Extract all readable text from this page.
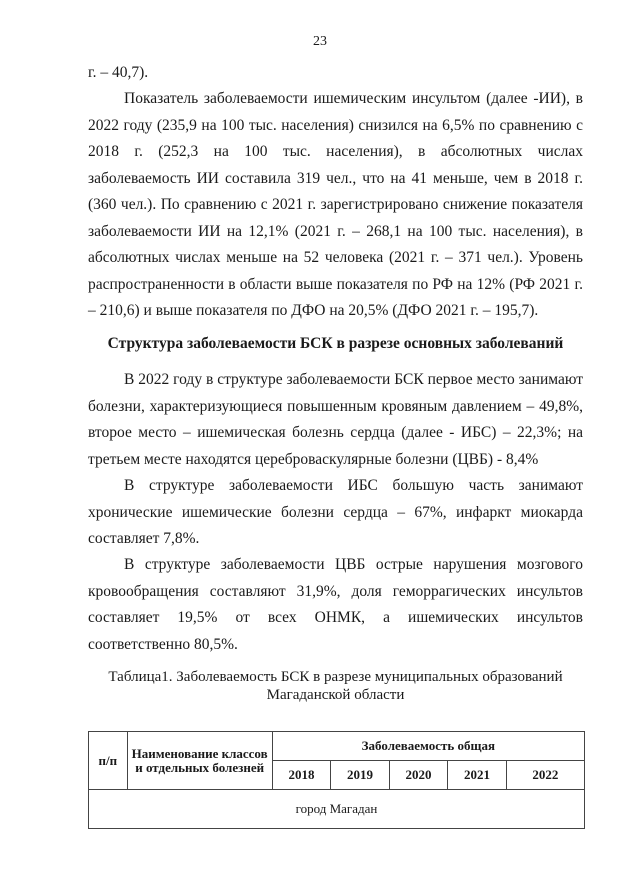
23

г. – 40,7).

Показатель заболеваемости ишемическим инсультом (далее -ИИ), в 2022 году (235,9 на 100 тыс. населения) снизился на 6,5% по сравнению с 2018 г. (252,3 на 100 тыс. населения), в абсолютных числах заболеваемость ИИ составила 319 чел., что на 41 меньше, чем в 2018 г. (360 чел.). По сравнению с 2021 г. зарегистрировано снижение показателя заболеваемости ИИ на 12,1% (2021 г. – 268,1 на 100 тыс. населения), в абсолютных числах меньше на 52 человека (2021 г. – 371 чел.). Уровень распространенности в области выше показателя по РФ на 12% (РФ 2021 г. – 210,6) и выше показателя по ДФО на 20,5% (ДФО 2021 г. – 195,7).

Структура заболеваемости БСК в разрезе основных заболеваний

В 2022 году в структуре заболеваемости БСК первое место занимают болезни, характеризующиеся повышенным кровяным давлением – 49,8%, второе место – ишемическая болезнь сердца (далее - ИБС) – 22,3%; на третьем месте находятся цереброваскулярные болезни (ЦВБ) - 8,4%

В структуре заболеваемости ИБС большую часть занимают хронические ишемические болезни сердца – 67%, инфаркт миокарда составляет 7,8%.

В структуре заболеваемости ЦВБ острые нарушения мозгового кровообращения составляют 31,9%, доля геморрагических инсультов составляет 19,5% от всех ОНМК, а ишемических инсультов соответственно 80,5%.

Таблица1. Заболеваемость БСК в разрезе муниципальных образований Магаданской области

п/п	Наименование классов и отдельных болезней	Заболеваемость общая				
		2018	2019	2020	2021	2022
город Магадан						
